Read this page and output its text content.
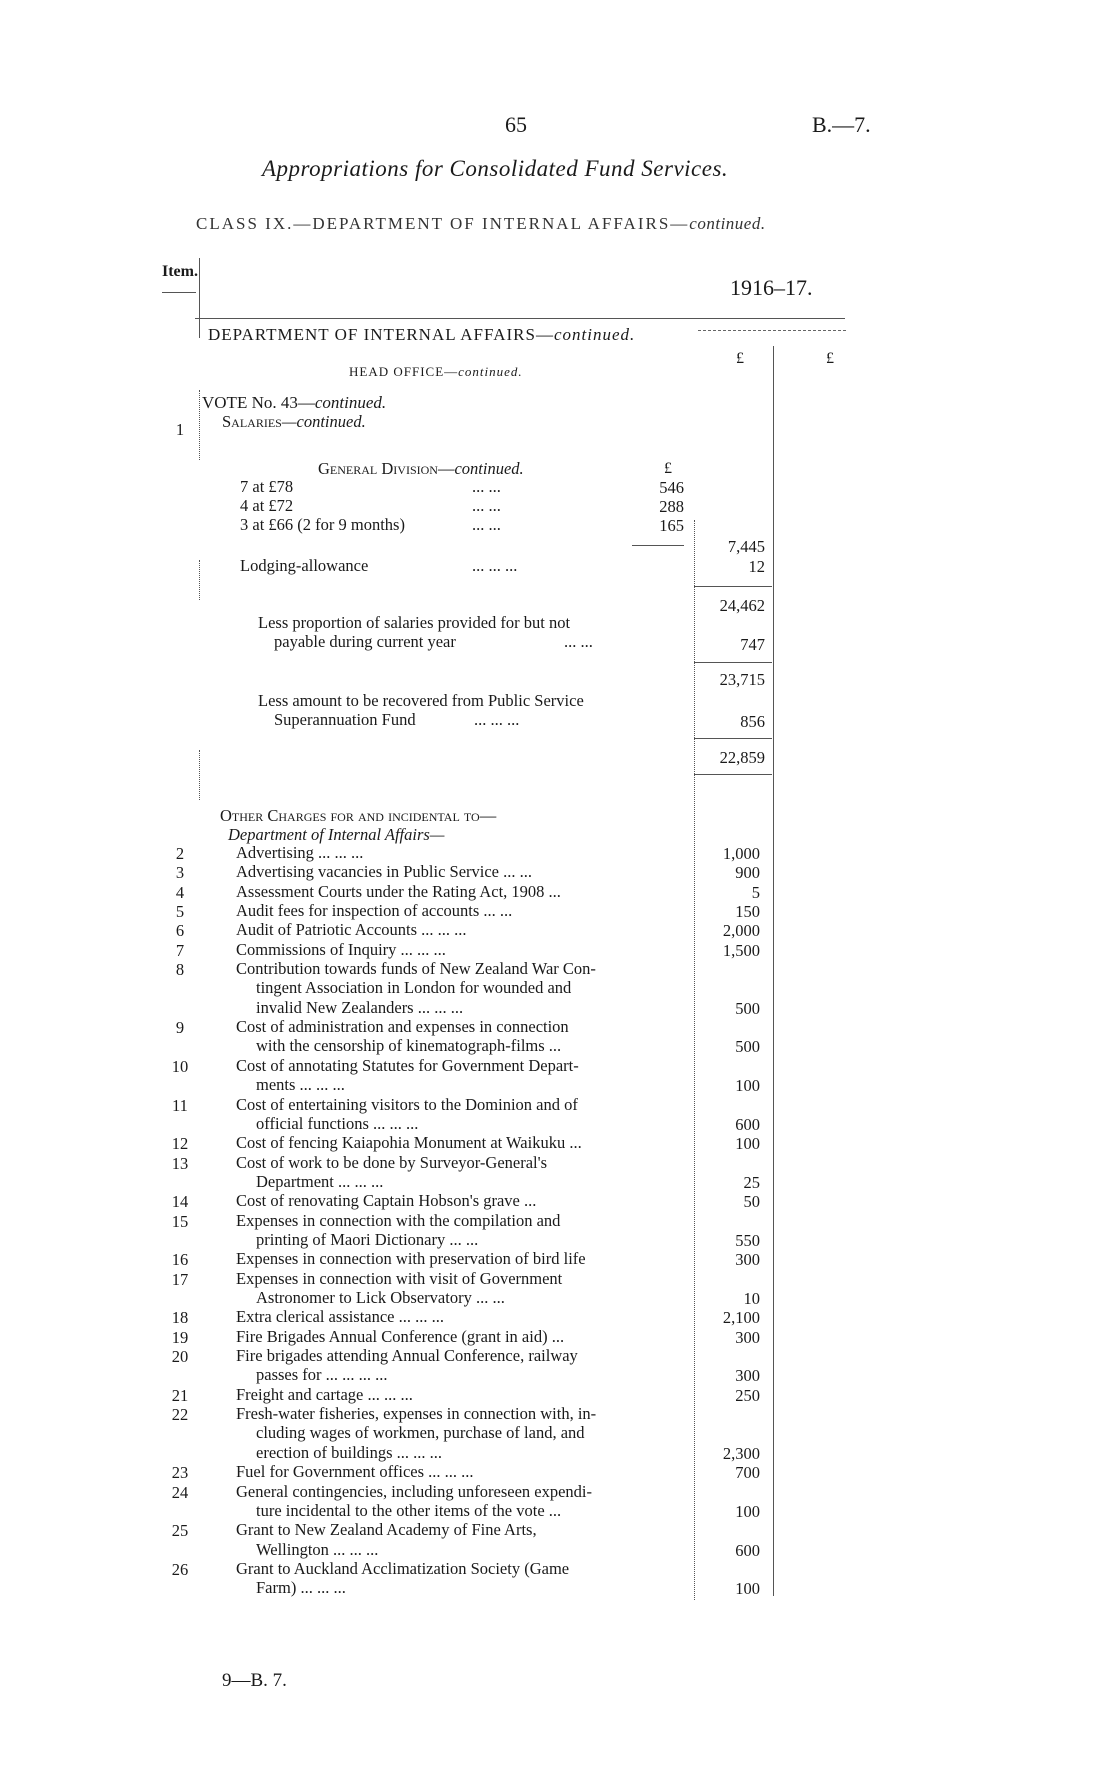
65	B.—7.
Appropriations for Consolidated Fund Services.
CLASS IX.—DEPARTMENT OF INTERNAL AFFAIRS—continued.
Item.
1916–17.
DEPARTMENT OF INTERNAL AFFAIRS—continued.
HEAD OFFICE—continued.
£	£
VOTE No. 43—continued.
1	Salaries—continued.
General Division—continued.	£
7 at £78	... ...	546
4 at £72	... ...	288
3 at £66 (2 for 9 months)	... ...	165
7,445
Lodging-allowance	... ... ...	12
24,462
Less proportion of salaries provided for but not
payable during current year	... ...	747
23,715
Less amount to be recovered from Public Service
Superannuation Fund	... ... ...	856
22,859
Other Charges for and incidental to—
Department of Internal Affairs—
2	Advertising ... ... ...	1,000
3	Advertising vacancies in Public Service ... ...	900
4	Assessment Courts under the Rating Act, 1908 ...	5
5	Audit fees for inspection of accounts ... ...	150
6	Audit of Patriotic Accounts ... ... ...	2,000
7	Commissions of Inquiry ... ... ...	1,500
8	Contribution towards funds of New Zealand War Con-
tingent Association in London for wounded and
invalid New Zealanders ... ... ...	500
9	Cost of administration and expenses in connection
with the censorship of kinematograph-films ...	500
10	Cost of annotating Statutes for Government Depart-
ments ... ... ...	100
11	Cost of entertaining visitors to the Dominion and of
official functions ... ... ...	600
12	Cost of fencing Kaiapohia Monument at Waikuku ...	100
13	Cost of work to be done by Surveyor-General's
Department ... ... ...	25
14	Cost of renovating Captain Hobson's grave ...	50
15	Expenses in connection with the compilation and
printing of Maori Dictionary ... ...	550
16	Expenses in connection with preservation of bird life	300
17	Expenses in connection with visit of Government
Astronomer to Lick Observatory ... ...	10
18	Extra clerical assistance ... ... ...	2,100
19	Fire Brigades Annual Conference (grant in aid) ...	300
20	Fire brigades attending Annual Conference, railway
passes for ... ... ... ...	300
21	Freight and cartage ... ... ...	250
22	Fresh-water fisheries, expenses in connection with, in-
cluding wages of workmen, purchase of land, and
erection of buildings ... ... ...	2,300
23	Fuel for Government offices ... ... ...	700
24	General contingencies, including unforeseen expendi-
ture incidental to the other items of the vote ...	100
25	Grant to New Zealand Academy of Fine Arts,
Wellington ... ... ...	600
26	Grant to Auckland Acclimatization Society (Game
Farm) ... ... ...	100
9—B. 7.
